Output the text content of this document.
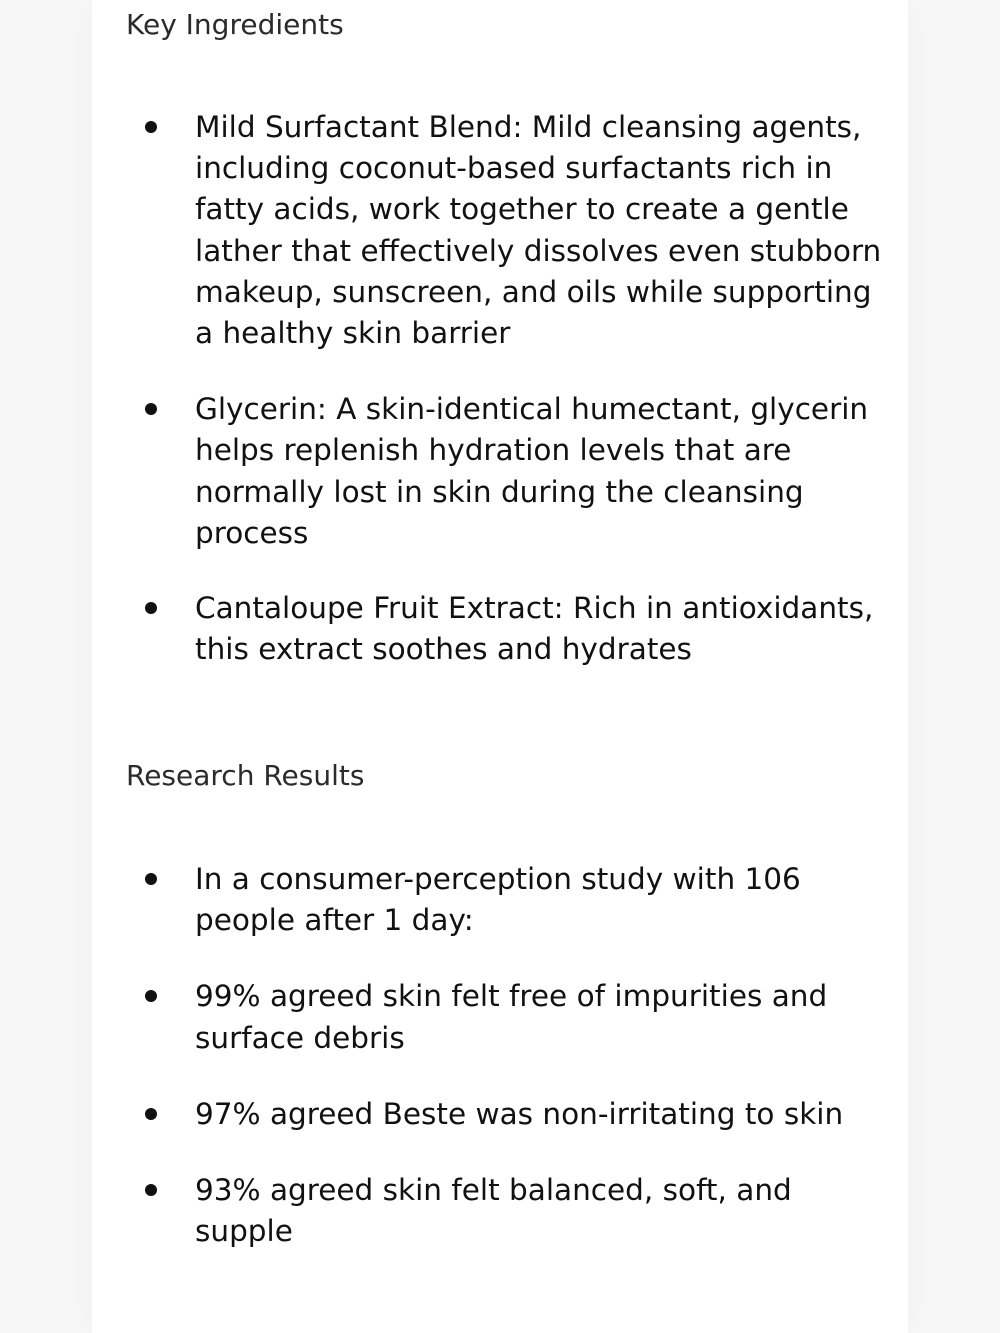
Key Ingredients
Mild Surfactant Blend: Mild cleansing agents,
including coconut-based surfactants rich in
fatty acids, work together to create a gentle
lather that effectively dissolves even stubborn
makeup, sunscreen, and oils while supporting
a healthy skin barrier
Glycerin: A skin-identical humectant, glycerin
helps replenish hydration levels that are
normally lost in skin during the cleansing
process
Cantaloupe Fruit Extract: Rich in antioxidants,
this extract soothes and hydrates
Research Results
In a consumer-perception study with 106
people after 1 day:
99% agreed skin felt free of impurities and
surface debris
97% agreed Beste was non-irritating to skin
93% agreed skin felt balanced, soft, and
supple
